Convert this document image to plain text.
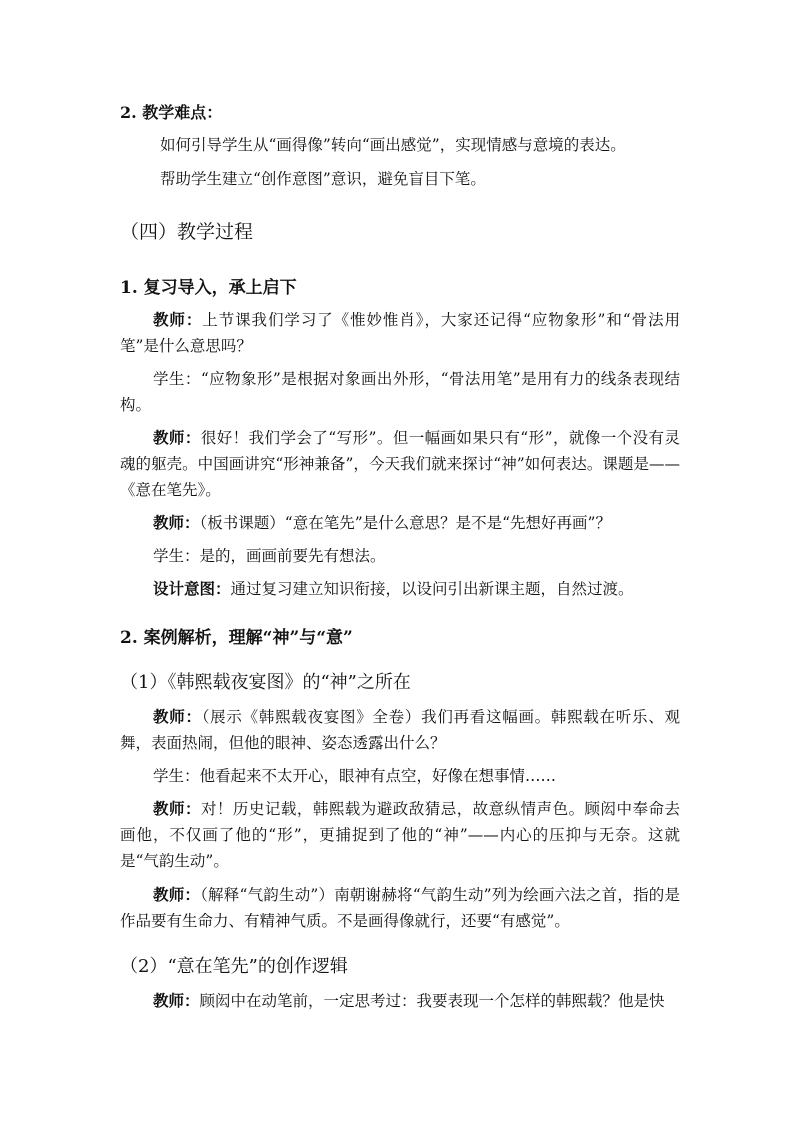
2. 教学难点：
如何引导学生从“画得像”转向“画出感觉”，实现情感与意境的表达。
帮助学生建立“创作意图”意识，避免盲目下笔。
（四）教学过程
1. 复习导入，承上启下
教师：上节课我们学习了《惟妙惟肖》，大家还记得“应物象形”和“骨法用笔”是什么意思吗？
学生：“应物象形”是根据对象画出外形，“骨法用笔”是用有力的线条表现结构。
教师：很好！我们学会了“写形”。但一幅画如果只有“形”，就像一个没有灵魂的躯壳。中国画讲究“形神兼备”，今天我们就来探讨“神”如何表达。课题是——《意在笔先》。
教师：（板书课题）“意在笔先”是什么意思？是不是“先想好再画”？
学生：是的，画画前要先有想法。
设计意图：通过复习建立知识衔接，以设问引出新课主题，自然过渡。
2. 案例解析，理解“神”与“意”
（1）《韩熙载夜宴图》的“神”之所在
教师：（展示《韩熙载夜宴图》全卷）我们再看这幅画。韩熙载在听乐、观舞，表面热闹，但他的眼神、姿态透露出什么？
学生：他看起来不太开心，眼神有点空，好像在想事情……
教师：对！历史记载，韩熙载为避政敌猜忌，故意纵情声色。顾闳中奉命去画他，不仅画了他的“形”，更捕捉到了他的“神”——内心的压抑与无奈。这就是“气韵生动”。
教师：（解释“气韵生动”）南朝谢赫将“气韵生动”列为绘画六法之首，指的是作品要有生命力、有精神气质。不是画得像就行，还要“有感觉”。
（2）“意在笔先”的创作逻辑
教师：顾闳中在动笔前，一定思考过：我要表现一个怎样的韩熙载？他是快
